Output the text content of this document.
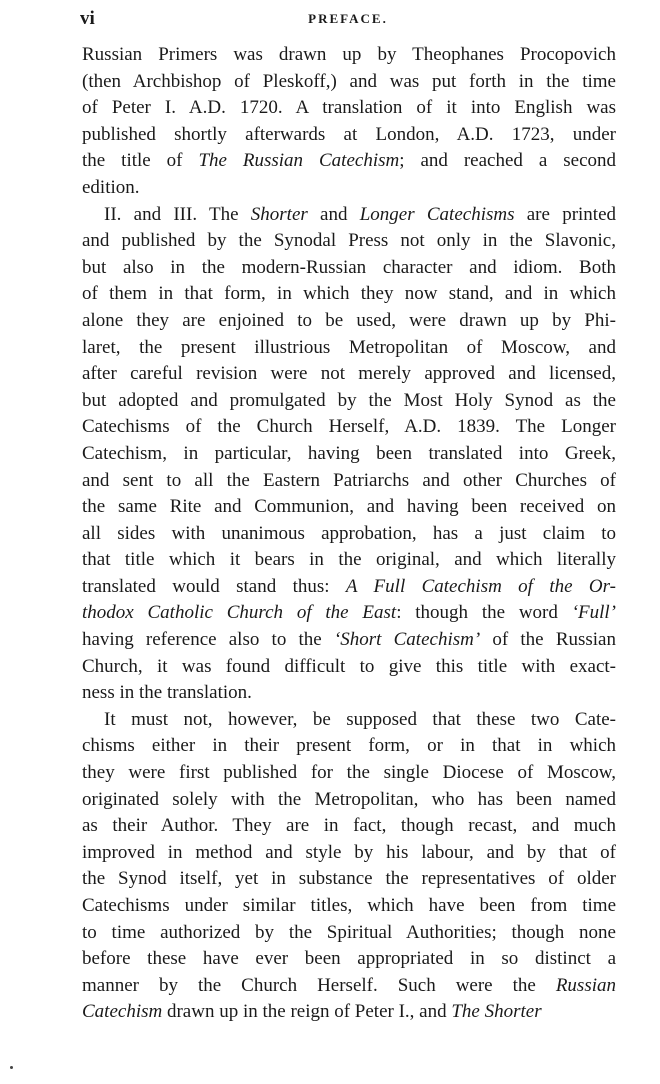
vi	PREFACE.
Russian Primers was drawn up by Theophanes Procopovich
(then Archbishop of Pleskoff,) and was put forth in the time
of Peter I. A.D. 1720. A translation of it into English was
published shortly afterwards at London, A.D. 1723, under
the title of The Russian Catechism; and reached a second
edition.
II. and III. The Shorter and Longer Catechisms are printed
and published by the Synodal Press not only in the Slavonic,
but also in the modern-Russian character and idiom. Both
of them in that form, in which they now stand, and in which
alone they are enjoined to be used, were drawn up by Phi-
laret, the present illustrious Metropolitan of Moscow, and
after careful revision were not merely approved and licensed,
but adopted and promulgated by the Most Holy Synod as the
Catechisms of the Church Herself, A.D. 1839. The Longer
Catechism, in particular, having been translated into Greek,
and sent to all the Eastern Patriarchs and other Churches of
the same Rite and Communion, and having been received on
all sides with unanimous approbation, has a just claim to
that title which it bears in the original, and which literally
translated would stand thus: A Full Catechism of the Or-
thodox Catholic Church of the East: though the word ‘Full’
having reference also to the ‘Short Catechism’ of the Russian
Church, it was found difficult to give this title with exact-
ness in the translation.
It must not, however, be supposed that these two Cate-
chisms either in their present form, or in that in which
they were first published for the single Diocese of Moscow,
originated solely with the Metropolitan, who has been named
as their Author. They are in fact, though recast, and much
improved in method and style by his labour, and by that of
the Synod itself, yet in substance the representatives of older
Catechisms under similar titles, which have been from time
to time authorized by the Spiritual Authorities; though none
before these have ever been appropriated in so distinct a
manner by the Church Herself. Such were the Russian
Catechism drawn up in the reign of Peter I., and The Shorter
